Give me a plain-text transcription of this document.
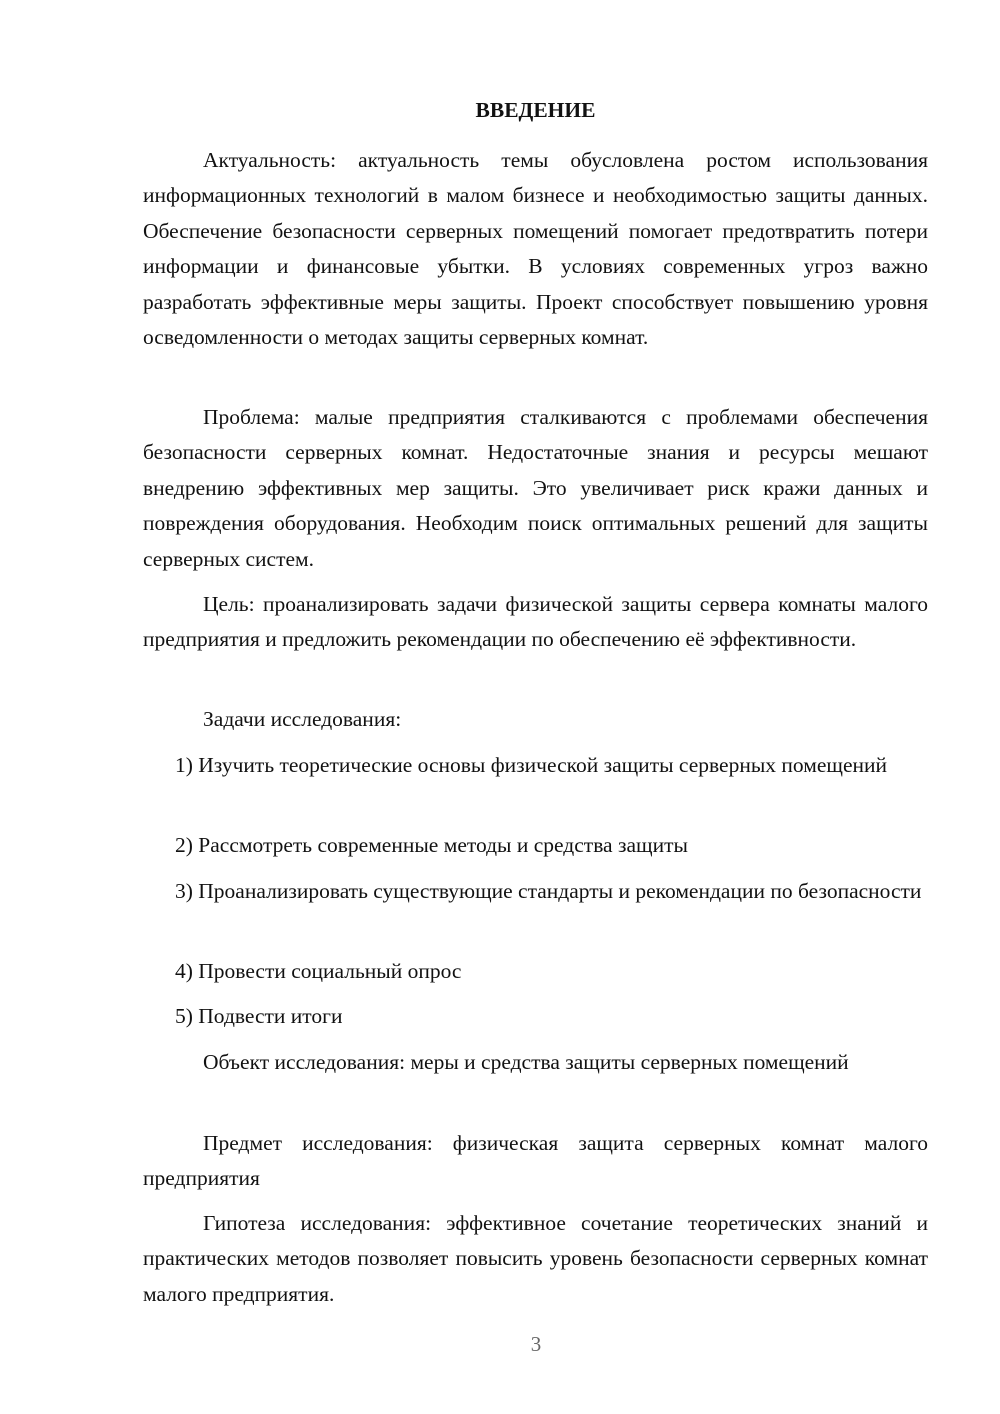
ВВЕДЕНИЕ

Актуальность: актуальность темы обусловлена ростом использования информационных технологий в малом бизнесе и необходимостью защиты данных. Обеспечение безопасности серверных помещений помогает предотвратить потери информации и финансовые убытки. В условиях современных угроз важно разработать эффективные меры защиты. Проект способствует повышению уровня осведомленности о методах защиты серверных комнат.

Проблема: малые предприятия сталкиваются с проблемами обеспечения безопасности серверных комнат. Недостаточные знания и ресурсы мешают внедрению эффективных мер защиты. Это увеличивает риск кражи данных и повреждения оборудования. Необходим поиск оптимальных решений для защиты серверных систем.

Цель: проанализировать задачи физической защиты сервера комнаты малого предприятия и предложить рекомендации по обеспечению её эффективности.

Задачи исследования:

1) Изучить теоретические основы физической защиты серверных помещений

2) Рассмотреть современные методы и средства защиты

3) Проанализировать существующие стандарты и рекомендации по безопасности

4) Провести социальный опрос

5) Подвести итоги

Объект исследования: меры и средства защиты серверных помещений

Предмет исследования: физическая защита серверных комнат малого предприятия

Гипотеза исследования: эффективное сочетание теоретических знаний и практических методов позволяет повысить уровень безопасности серверных комнат малого предприятия.

3
